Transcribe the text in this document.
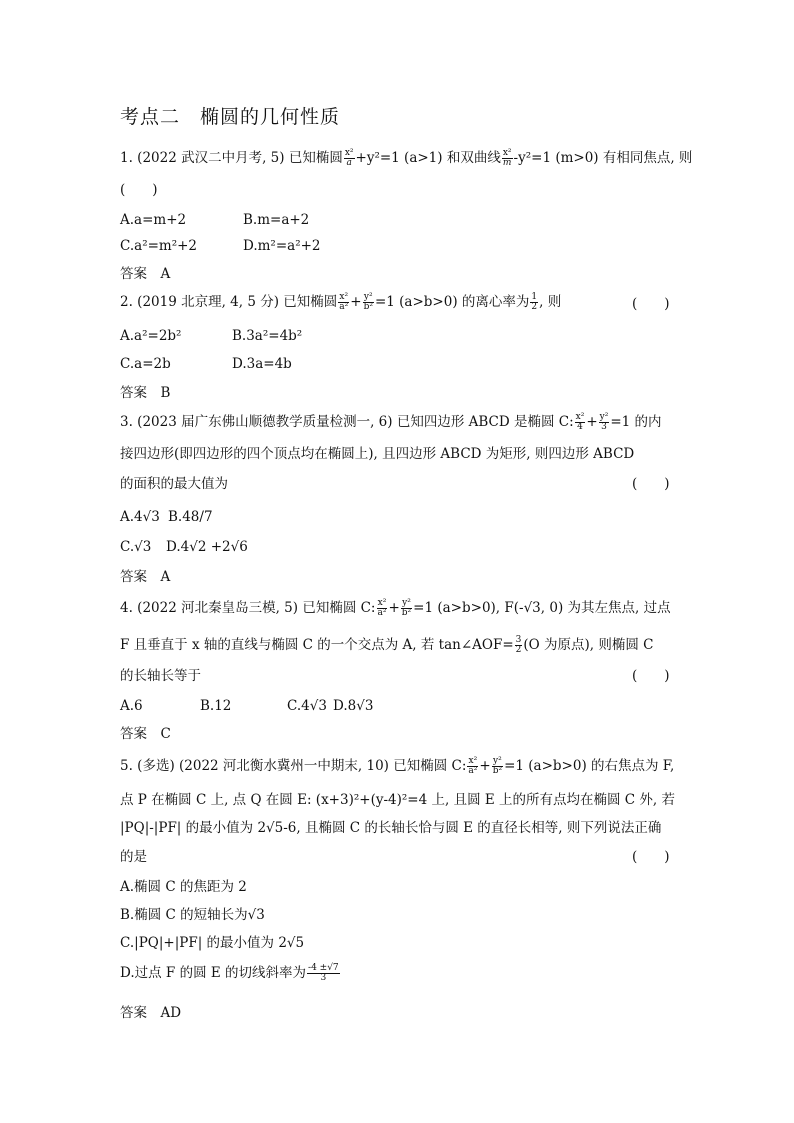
考点二　椭圆的几何性质
1. (2022 武汉二中月考, 5) 已知椭圆 $\frac{\text{x²}}{a} +y^2=1$ (a>1) 和双曲线 $\frac{\text{x²}}{m} -y^2=1$ (m>0) 有相同焦点, 则
(　　)
A.a=m+2	B.m=a+2
C.a²=m²+2	D.m²=a²+2
答案　A
2. (2019 北京理, 4, 5 分) 已知椭圆 $\frac{\text{x²}}{\text{a²}} + \frac{\text{y²}}{\text{b²}} =1$ (a>b>0) 的离心率为 $\frac{1}{2}$ , 则	(　　)
A.a²=2b²	B.3a²=4b²
C.a=2b	D.3a=4b
答案　B
3. (2023 届广东佛山顺德教学质量检测一, 6) 已知四边形 ABCD 是椭圆 C: $\frac{\text{x²}}{4} + \frac{\text{y²}}{3} =1$ 的内
接四边形(即四边形的四个顶点均在椭圆上), 且四边形 ABCD 为矩形, 则四边形 ABCD
的面积的最大值为	(　　)
A.4√3 B.48/7
C.√3 D.4√2 +2√6
答案　A
4. (2022 河北秦皇岛三模, 5) 已知椭圆 C: $\frac{\text{x²}}{\text{a²}} + \frac{\text{y²}}{\text{b²}} =1$ (a>b>0), F(-√3, 0) 为其左焦点, 过点
F 且垂直于 x 轴的直线与椭圆 C 的一个交点为 A, 若 tan∠AOF= $\frac{3}{2} (O$ 为原点), 则椭圆 C
的长轴长等于	(　　)
A.6	B.12	C.4√3 D.8√3
答案　C
5. (多选) (2022 河北衡水冀州一中期末, 10) 已知椭圆 C: $\frac{\text{x²}}{\text{a²}} + \frac{\text{y²}}{\text{b²}} =1$ (a>b>0) 的右焦点为 F,
点 P 在椭圆 C 上, 点 Q 在圆 E: (x+3)²+(y-4)²=4 上, 且圆 E 上的所有点均在椭圆 C 外, 若
|PQ|-|PF| 的最小值为 2√5-6, 且椭圆 C 的长轴长恰与圆 E 的直径长相等, 则下列说法正确
的是	(　　)
A.椭圆 C 的焦距为 2
B.椭圆 C 的短轴长为√3
C.|PQ|+|PF| 的最小值为 2√5
D.过点 F 的圆 E 的切线斜率为 $\frac{-4 \pm√7}{3}$
答案　AD
